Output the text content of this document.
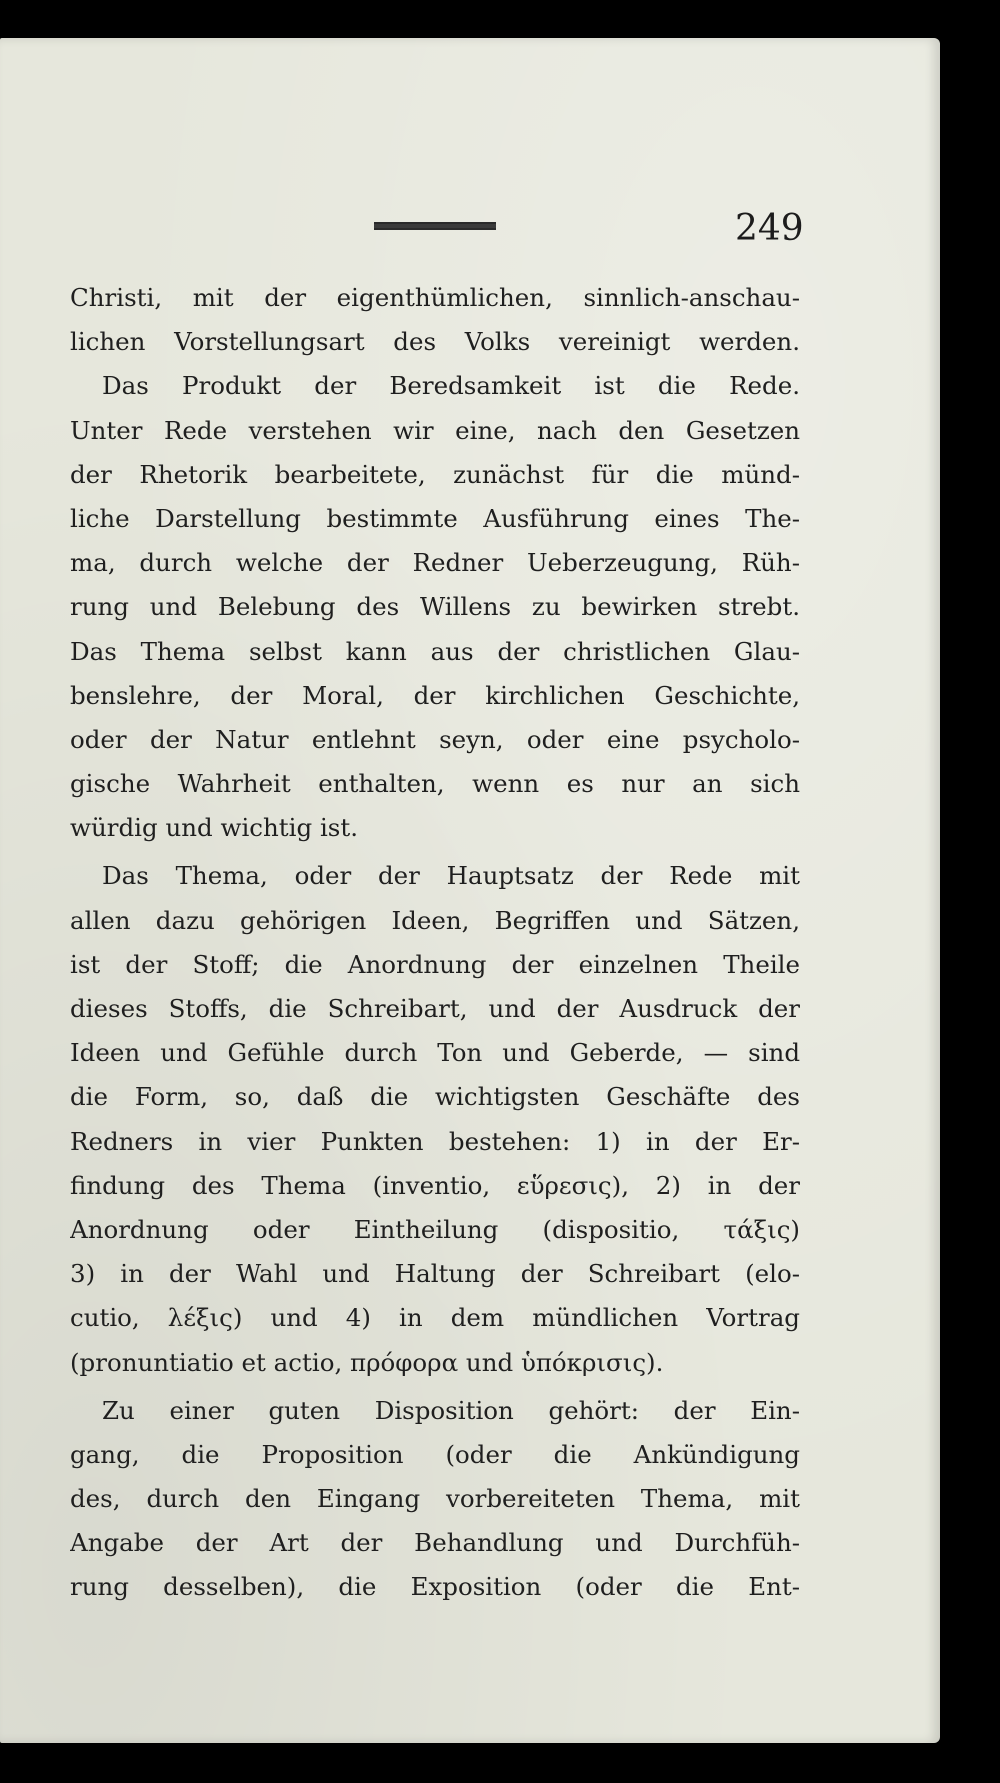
249
Christi, mit der eigenthümlichen, sinnlich-anschau-
lichen Vorstellungsart des Volks vereinigt werden.
Das Produkt der Beredsamkeit ist die Rede.
Unter Rede verstehen wir eine, nach den Gesetzen
der Rhetorik bearbeitete, zunächst für die münd-
liche Darstellung bestimmte Ausführung eines The-
ma, durch welche der Redner Ueberzeugung, Rüh-
rung und Belebung des Willens zu bewirken strebt.
Das Thema selbst kann aus der christlichen Glau-
benslehre, der Moral, der kirchlichen Geschichte,
oder der Natur entlehnt seyn, oder eine psycholo-
gische Wahrheit enthalten, wenn es nur an sich
würdig und wichtig ist.
Das Thema, oder der Hauptsatz der Rede mit
allen dazu gehörigen Ideen, Begriffen und Sätzen,
ist der Stoff; die Anordnung der einzelnen Theile
dieses Stoffs, die Schreibart, und der Ausdruck der
Ideen und Gefühle durch Ton und Geberde, — sind
die Form, so, daß die wichtigsten Geschäfte des
Redners in vier Punkten bestehen: 1) in der Er-
findung des Thema (inventio, εὕρεσις), 2) in der
Anordnung oder Eintheilung (dispositio, τάξις)
3) in der Wahl und Haltung der Schreibart (elo-
cutio, λέξις) und 4) in dem mündlichen Vortrag
(pronuntiatio et actio, πρόφορα und ὑπόκρισις).
Zu einer guten Disposition gehört: der Ein-
gang, die Proposition (oder die Ankündigung
des, durch den Eingang vorbereiteten Thema, mit
Angabe der Art der Behandlung und Durchfüh-
rung desselben), die Exposition (oder die Ent-
